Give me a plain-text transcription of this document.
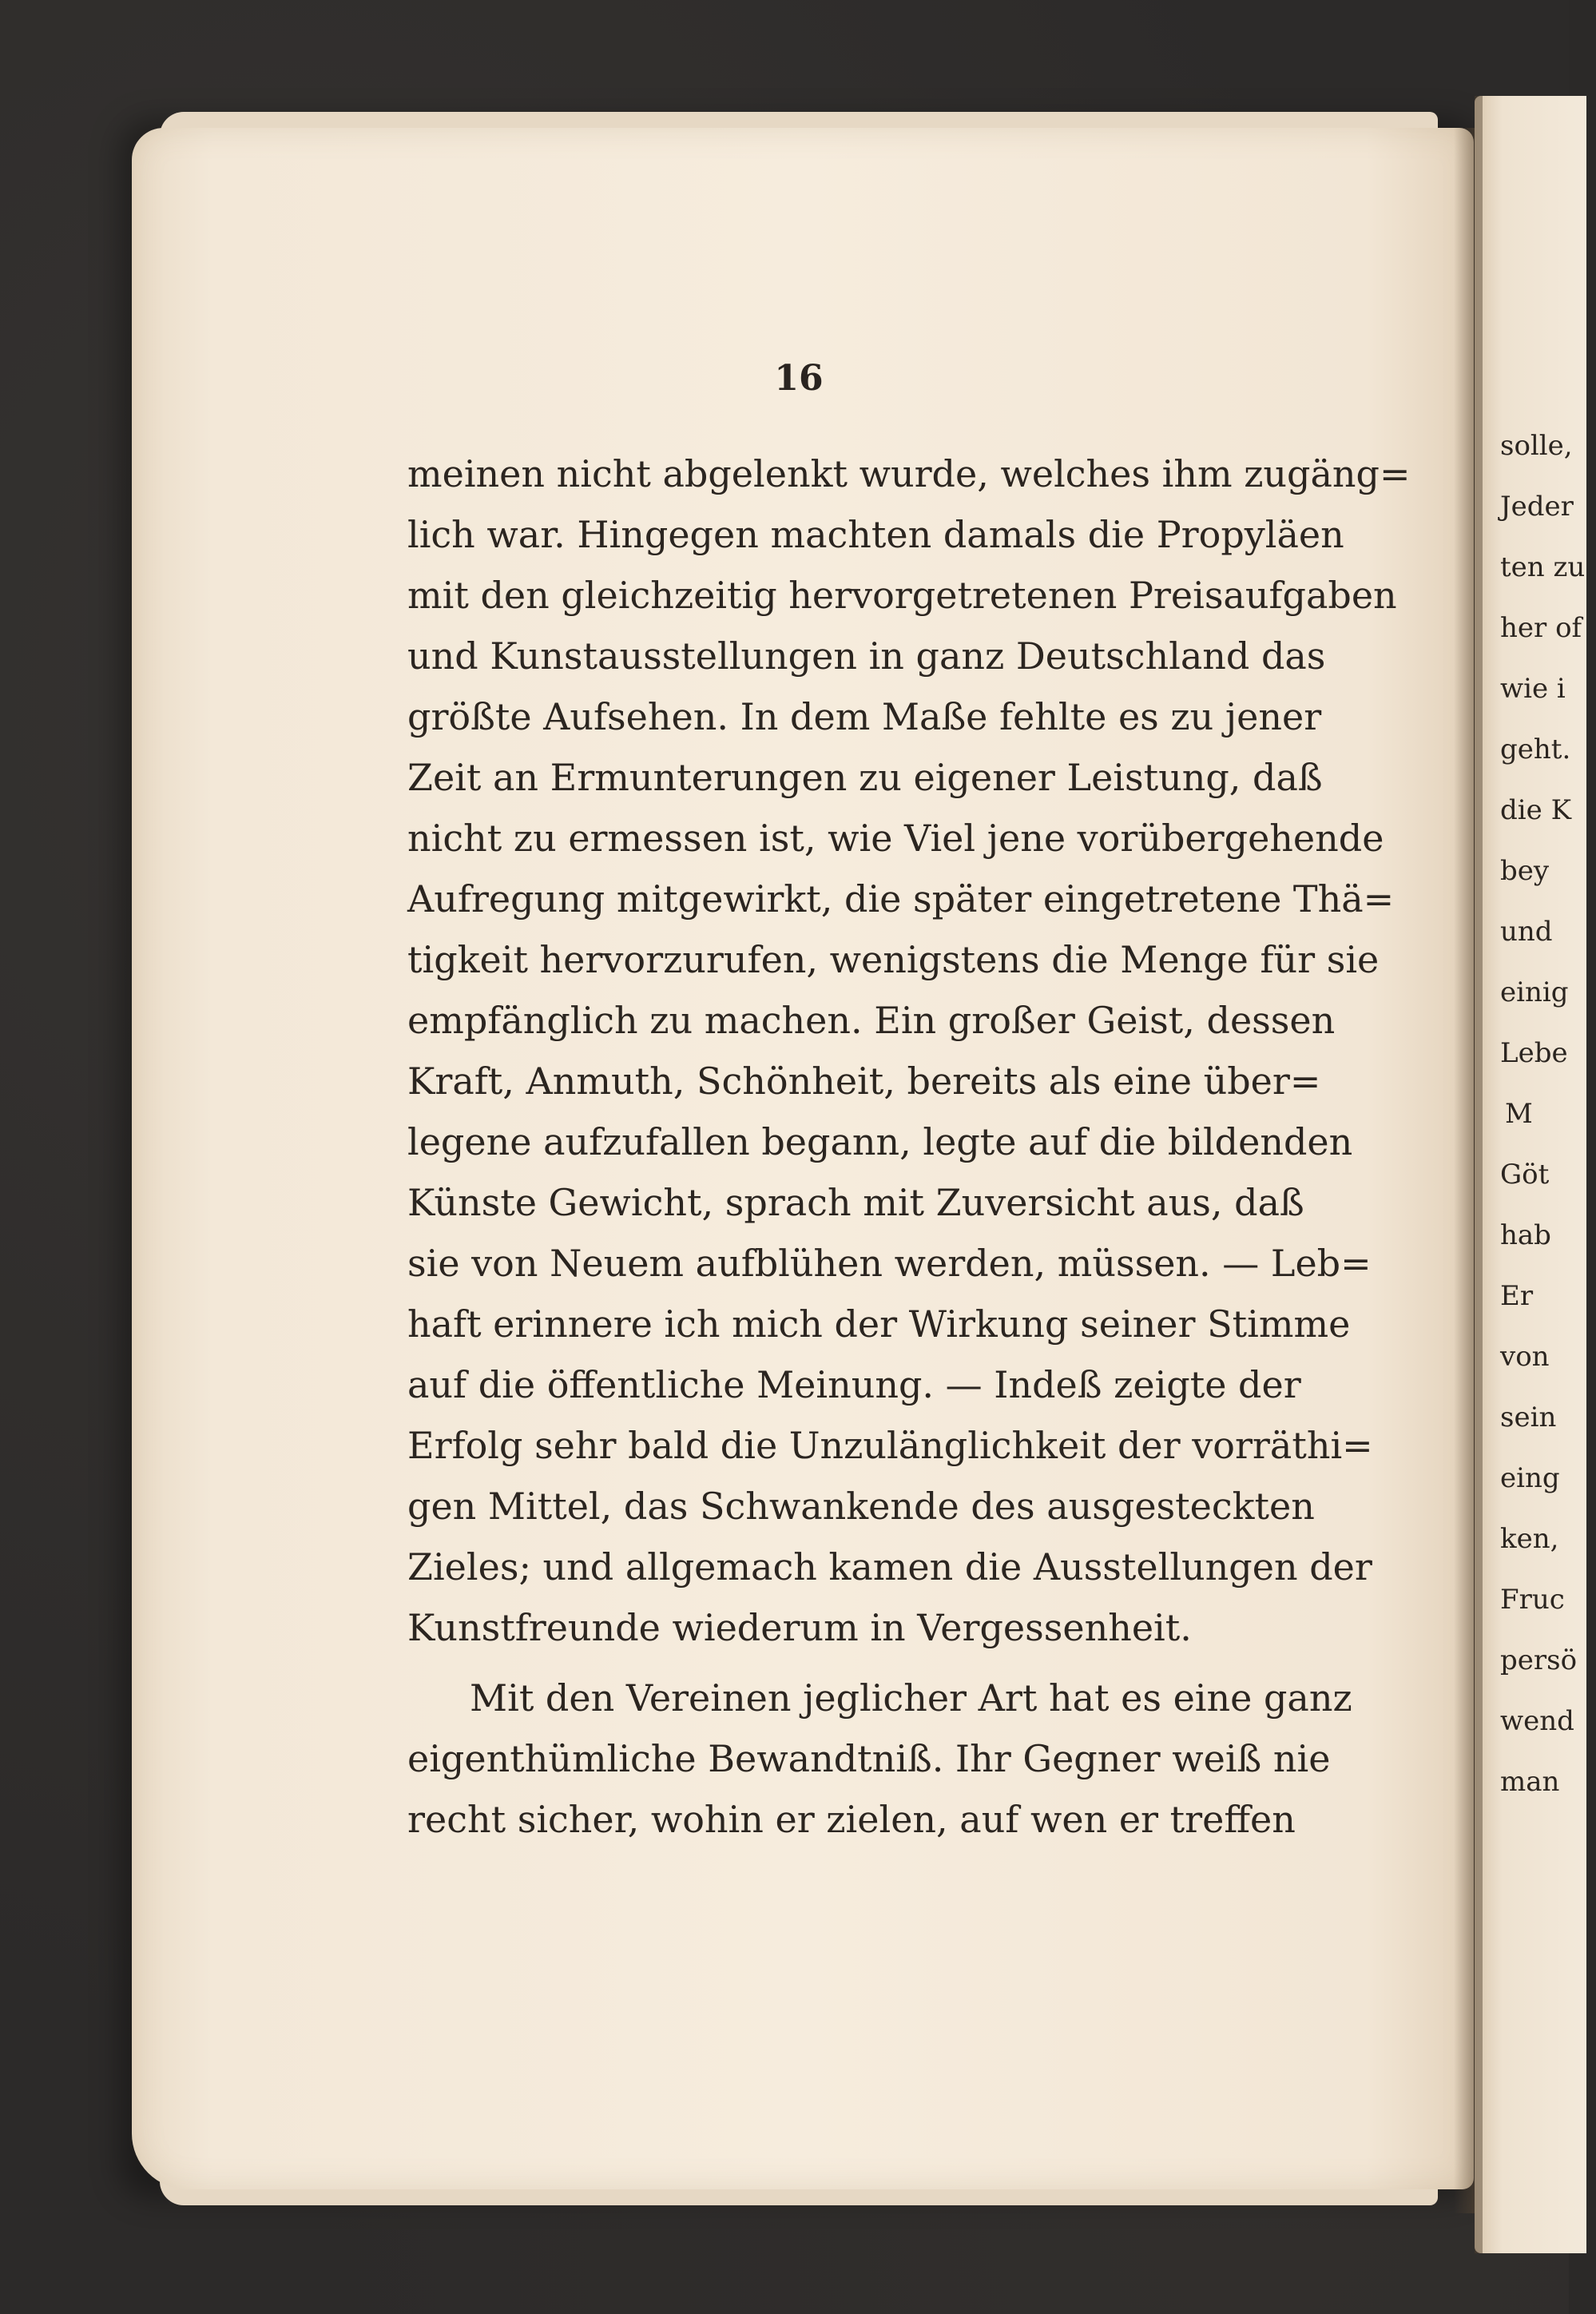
16
meinen nicht abgelenkt wurde, welches ihm zugäng=
lich war. Hingegen machten damals die Propyläen
mit den gleichzeitig hervorgetretenen Preisaufgaben
und Kunstausstellungen in ganz Deutschland das
größte Aufsehen. In dem Maße fehlte es zu jener
Zeit an Ermunterungen zu eigener Leistung, daß
nicht zu ermessen ist, wie Viel jene vorübergehende
Aufregung mitgewirkt, die später eingetretene Thä=
tigkeit hervorzurufen, wenigstens die Menge für sie
empfänglich zu machen. Ein großer Geist, dessen
Kraft, Anmuth, Schönheit, bereits als eine über=
legene aufzufallen begann, legte auf die bildenden
Künste Gewicht, sprach mit Zuversicht aus, daß
sie von Neuem aufblühen werden, müssen. — Leb=
haft erinnere ich mich der Wirkung seiner Stimme
auf die öffentliche Meinung. — Indeß zeigte der
Erfolg sehr bald die Unzulänglichkeit der vorräthi=
gen Mittel, das Schwankende des ausgesteckten
Zieles; und allgemach kamen die Ausstellungen der
Kunstfreunde wiederum in Vergessenheit.
Mit den Vereinen jeglicher Art hat es eine ganz
eigenthümliche Bewandtniß. Ihr Gegner weiß nie
recht sicher, wohin er zielen, auf wen er treffen
solle,
Jeder
ten zu
her of
wie i
geht.
die K
bey
und
einig
Lebe
M
Göt
hab
Er
von
sein
eing
ken,
Fruc
persö
wend
man
